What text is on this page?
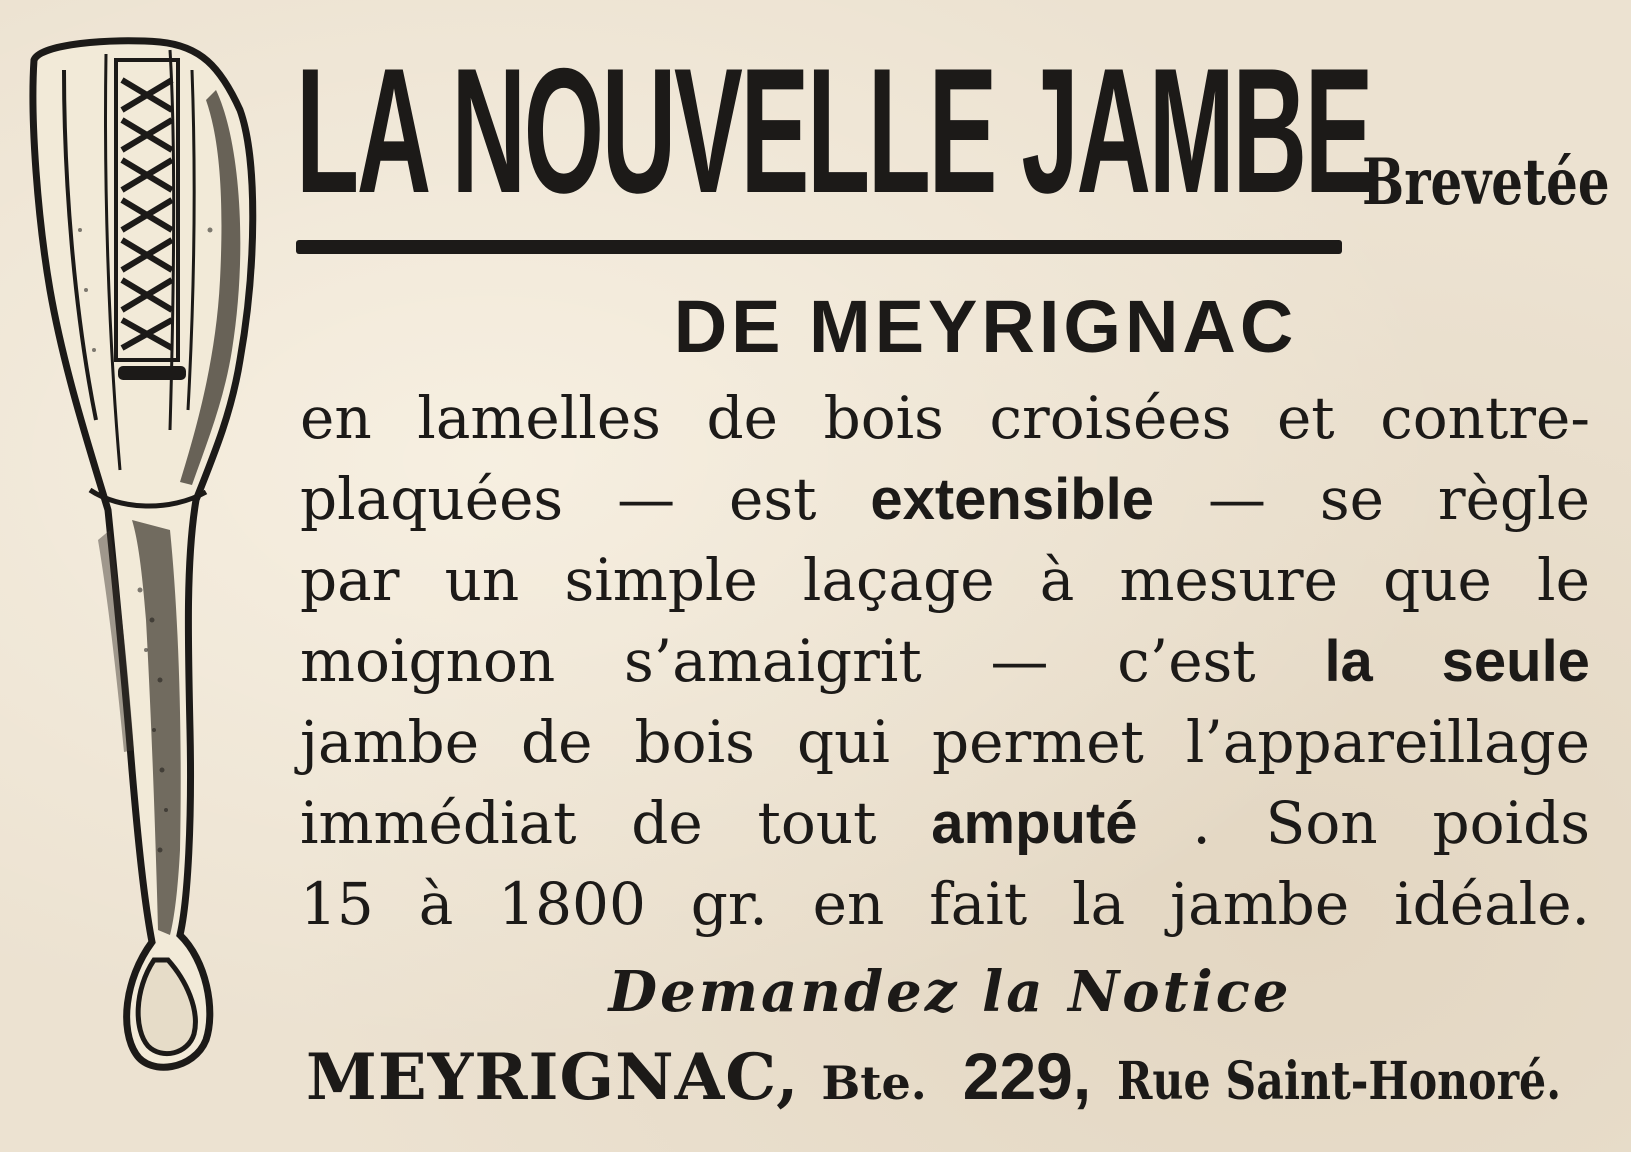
LA NOUVELLE JAMBE
Brevetée
DE MEYRIGNAC
en lamelles de bois croisées et contre-
plaquées — est extensible — se règle
par un simple laçage à mesure que le
moignon s’amaigrit — c’est la seule
jambe de bois qui permet l’appareillage
immédiat de tout amputé . Son poids
15 à 1800 gr. en fait la jambe idéale.
Demandez la Notice
MEYRIGNAC, Bte. 229, Rue Saint-Honoré.
